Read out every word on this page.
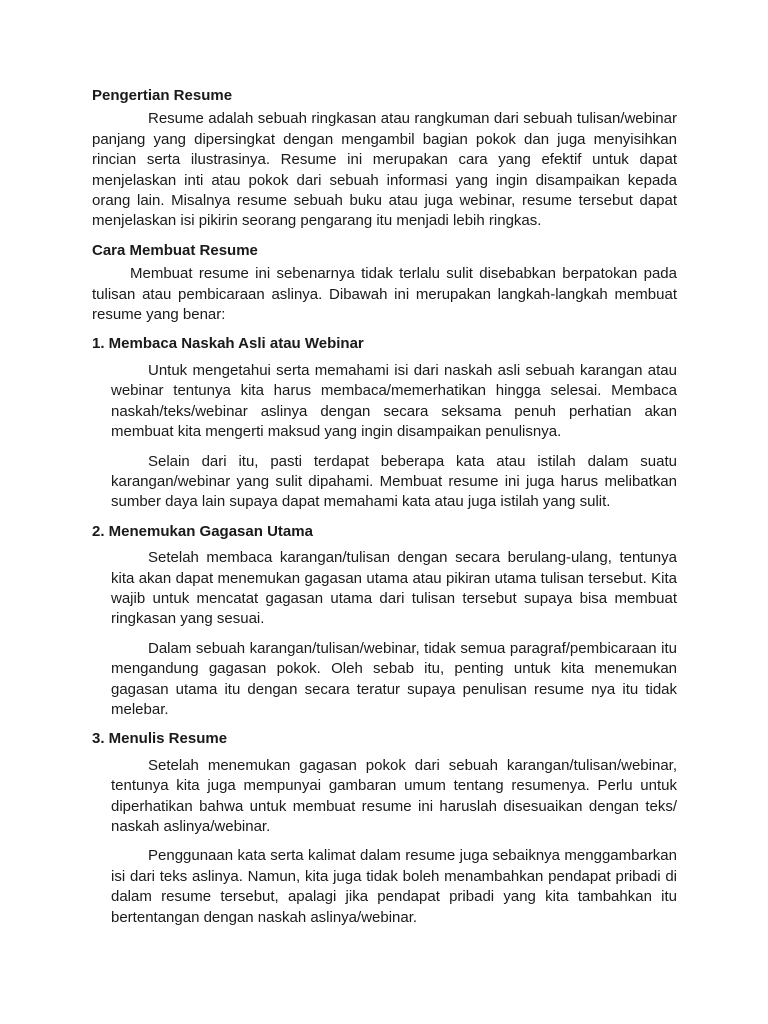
Pengertian Resume

Resume adalah sebuah ringkasan atau rangkuman dari sebuah tulisan/webinar panjang yang dipersingkat dengan mengambil bagian pokok dan juga menyisihkan rincian serta ilustrasinya. Resume ini merupakan cara yang efektif untuk dapat menjelaskan inti atau pokok dari sebuah informasi yang ingin disampaikan kepada orang lain. Misalnya resume sebuah buku atau juga webinar, resume tersebut dapat menjelaskan isi pikirin seorang pengarang itu menjadi lebih ringkas.

Cara Membuat Resume

Membuat resume ini sebenarnya tidak terlalu sulit disebabkan berpatokan pada tulisan atau pembicaraan aslinya. Dibawah ini merupakan langkah-langkah membuat resume yang benar:

1. Membaca Naskah Asli atau Webinar

Untuk mengetahui serta memahami isi dari naskah asli sebuah karangan atau webinar tentunya kita harus membaca/memerhatikan hingga selesai. Membaca naskah/teks/webinar aslinya dengan secara seksama penuh perhatian akan membuat kita mengerti maksud yang ingin disampaikan penulisnya.

Selain dari itu, pasti terdapat beberapa kata atau istilah dalam suatu karangan/webinar yang sulit dipahami. Membuat resume ini juga harus melibatkan sumber daya lain supaya dapat memahami kata atau juga istilah yang sulit.

2. Menemukan Gagasan Utama

Setelah membaca karangan/tulisan dengan secara berulang-ulang, tentunya kita akan dapat menemukan gagasan utama atau pikiran utama tulisan tersebut. Kita wajib untuk mencatat gagasan utama dari tulisan tersebut supaya bisa membuat ringkasan yang sesuai.

Dalam sebuah karangan/tulisan/webinar, tidak semua paragraf/pembicaraan itu mengandung gagasan pokok. Oleh sebab itu, penting untuk kita menemukan gagasan utama itu dengan secara teratur supaya penulisan resume nya itu tidak melebar.

3. Menulis Resume

Setelah menemukan gagasan pokok dari sebuah karangan/tulisan/webinar, tentunya kita juga mempunyai gambaran umum tentang resumenya. Perlu untuk diperhatikan bahwa untuk membuat resume ini haruslah disesuaikan dengan teks/ naskah aslinya/webinar.

Penggunaan kata serta kalimat dalam resume juga sebaiknya menggambarkan isi dari teks aslinya. Namun, kita juga tidak boleh menambahkan pendapat pribadi di dalam resume tersebut, apalagi jika pendapat pribadi yang kita tambahkan itu bertentangan dengan naskah aslinya/webinar.
